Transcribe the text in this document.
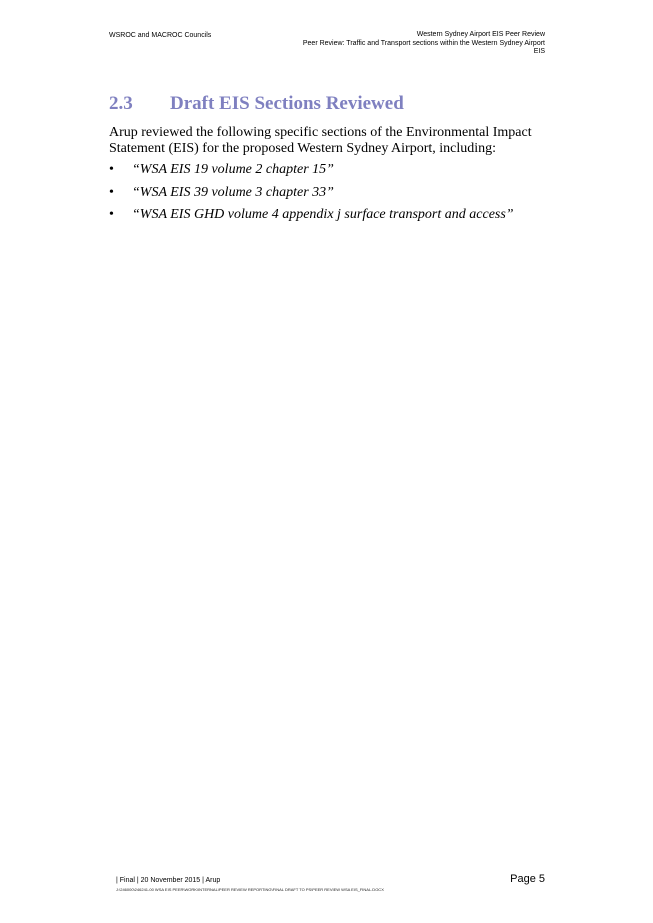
WSROC and MACROC Councils	Western Sydney Airport EIS Peer Review
Peer Review: Traffic and Transport sections within the Western Sydney Airport
EIS
2.3 Draft EIS Sections Reviewed
Arup reviewed the following specific sections of the Environmental Impact Statement (EIS) for the proposed Western Sydney Airport, including:
• “WSA EIS 19 volume 2 chapter 15”
• “WSA EIS 39 volume 3 chapter 33”
• “WSA EIS GHD volume 4 appendix j surface transport and access”
| Final | 20 November 2015 | Arup
J:\246000\246241-00 WSA EIS PEER\WORK\INTERNAL\PEER REVIEW REPORTING\FINAL DRAFT TO PS\PEER REVIEW WSA EIS_FINAL.DOCX
Page 5
